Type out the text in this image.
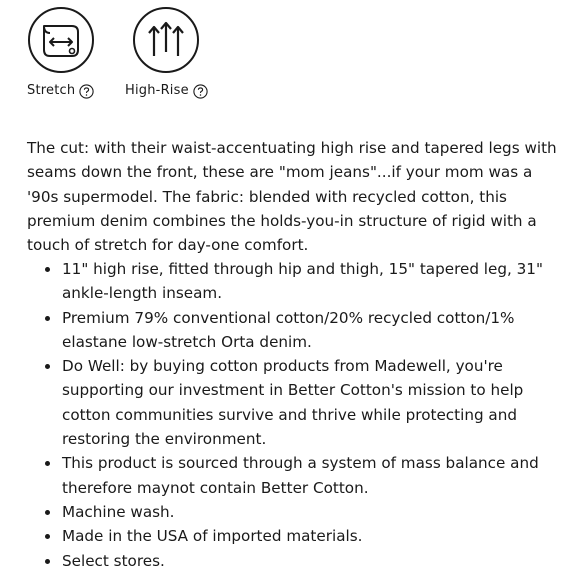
Stretch	High-Rise

The cut: with their waist-accentuating high rise and tapered legs with seams down the front, these are "mom jeans"...if your mom was a '90s supermodel. The fabric: blended with recycled cotton, this premium denim combines the holds-you-in structure of rigid with a touch of stretch for day-one comfort.

11" high rise, fitted through hip and thigh, 15" tapered leg, 31" ankle-length inseam.
Premium 79% conventional cotton/20% recycled cotton/1% elastane low-stretch Orta denim.
Do Well: by buying cotton products from Madewell, you're supporting our investment in Better Cotton's mission to help cotton communities survive and thrive while protecting and restoring the environment.
This product is sourced through a system of mass balance and therefore maynot contain Better Cotton.
Machine wash.
Made in the USA of imported materials.
Select stores.
